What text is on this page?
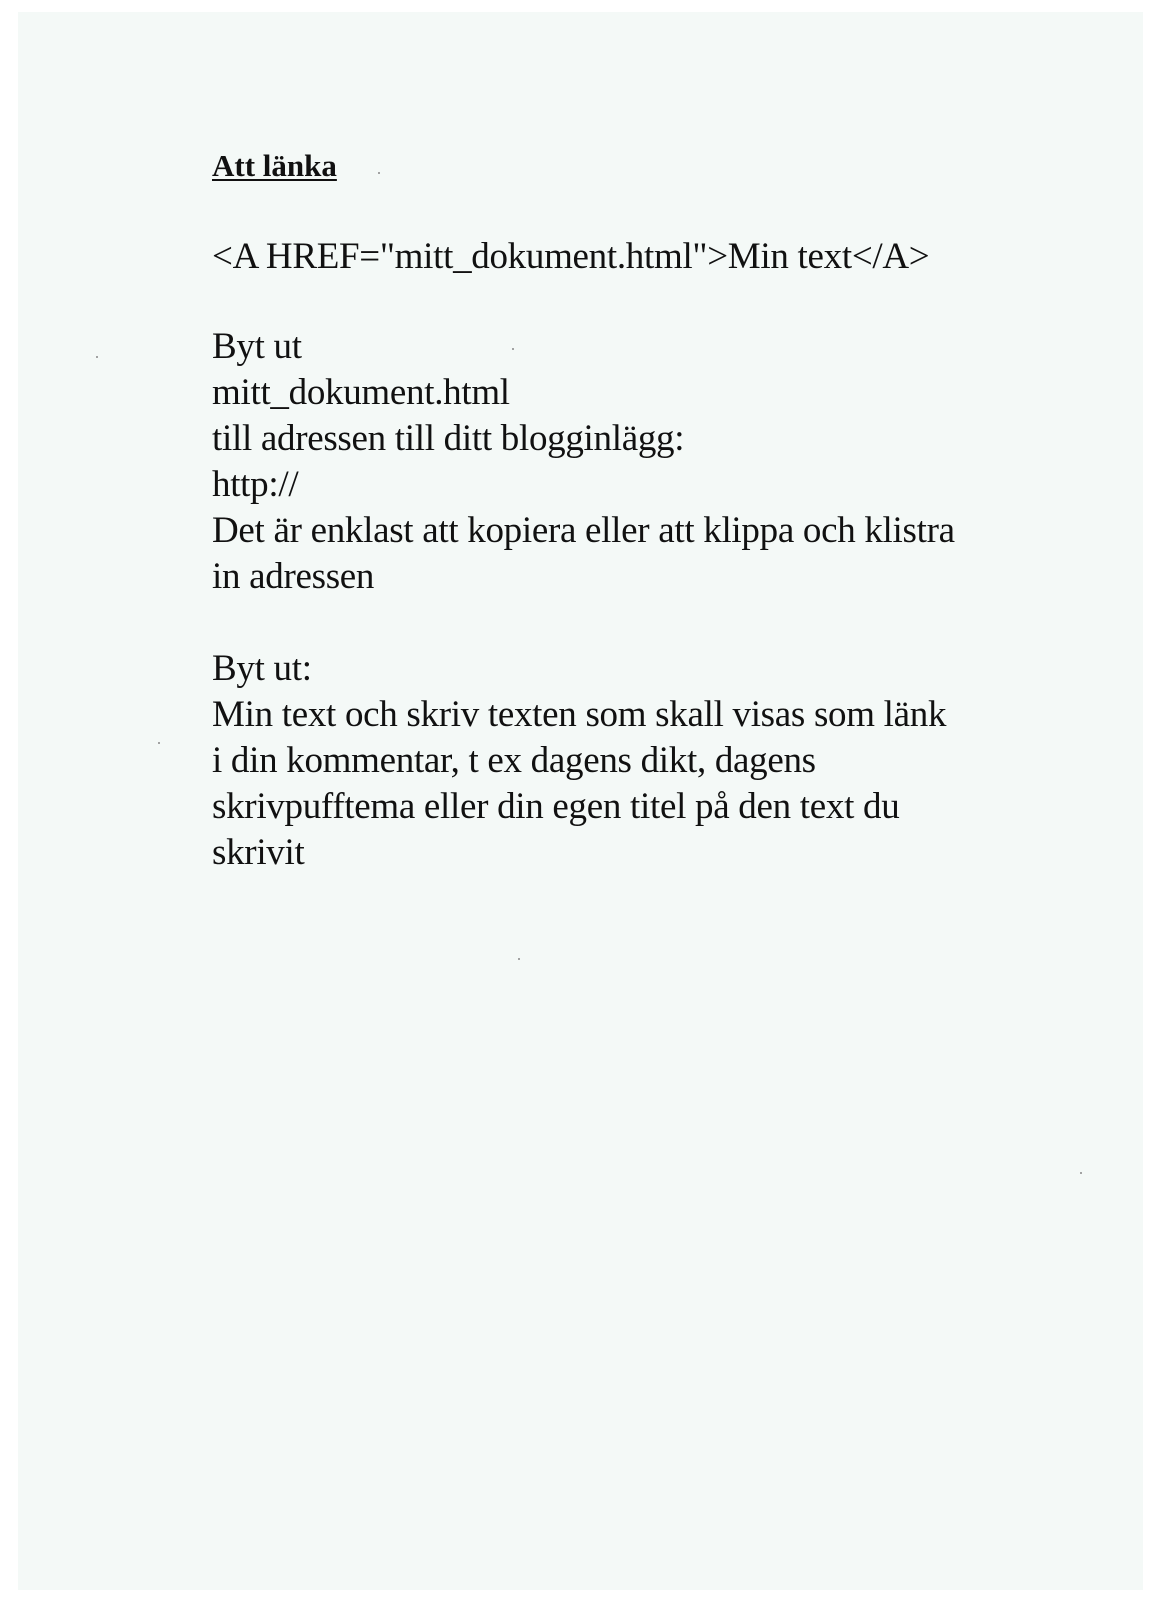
Att länka
<A HREF="mitt_dokument.html">Min text</A>
Byt ut
mitt_dokument.html
till adressen till ditt blogginlägg:
http://
Det är enklast att kopiera eller att klippa och klistra
in adressen
Byt ut:
Min text och skriv texten som skall visas som länk
i din kommentar, t ex dagens dikt, dagens
skrivpufftema eller din egen titel på den text du
skrivit
